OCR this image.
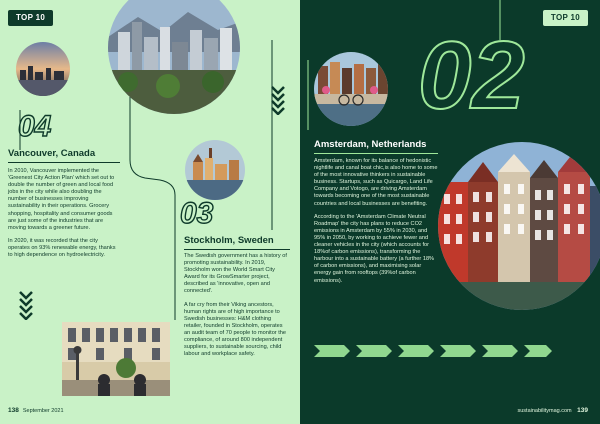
TOP 10
04
Vancouver, Canada

In 2010, Vancouver implemented the 'Greenest City Action Plan' which set out to double the number of green and local food jobs in the city while also doubling the number of businesses improving sustainability in their operations. Grocery shopping, hospitality and consumer goods are just some of the industries that are moving towards a greener future.

In 2020, it was recorded that the city operates on 93% renewable energy, thanks to high dependence on hydroelectricity.

03
Stockholm, Sweden

The Swedish government has a history of promoting sustainability. In 2019, Stockholm won the World Smart City Award for its GrowSmarter project, described as 'innovative, open and connected'.

A far cry from their Viking ancestors, human rights are of high importance to Swedish businesses: H&M clothing retailer, founded in Stockholm, operates an audit team of 70 people to monitor the compliance, of around 800 independent suppliers, to sustainable sourcing, child labour and workplace safety.

138 September 2021
TOP 10
02
Amsterdam, Netherlands

Amsterdam, known for its balance of hedonistic nightlife and canal boat chic,is also home to some of the most innovative thinkers in sustainable business. Startups, such as Quicargo, Land Life Company and Votogo, are driving Amsterdam towards becoming one of the most sustainable countries and local businesses are benefiting.

According to the 'Amsterdam Climate Neutral Roadmap' the city has plans to reduce CO2 emissions in Amsterdam by 55% in 2030, and 95% in 2050, by working to achieve fewer and cleaner vehicles in the city (which accounts for 18%of carbon emissions), transforming the harbour into a sustainable battery (a further 18% of carbon emissions), and maximising solar energy gain from rooftops (39%of carbon emissions).

sustainabilitymag.com 139
